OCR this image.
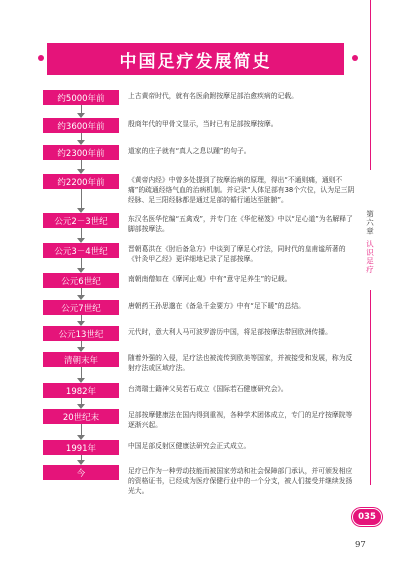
中国足疗发展简史
约5000年前	上古黄帝时代，就有名医俞跗按摩足部治愈疾病的记载。
约3600年前	殷商年代的甲骨文显示，当时已有足部按摩按摩。
约2300年前	道家的庄子就有“真人之息以踵”的句子。
约2200年前	《黄帝内经》中曾多处提到了按摩治病的原理，得出“不通则痛，通则不痛”的疏通经络气血的治病机制。并记录“人体足部有38个穴位，认为足三阴经脉、足三阳经脉都是通过足部的循行通达至脏腑”。
公元2－3世纪	东汉名医华佗编“五禽戏”，并专门在《华佗秘笈》中以“足心道”为名解释了脚部按摩法。
公元3－4世纪	晋朝葛洪在《肘后备急方》中谈到了摩足心疗法，同时代的皇甫谧所著的《针灸甲乙经》更详细地记录了足部按摩。
公元6世纪	南朝南僧如在《摩河止观》中有“意守足养生”的记载。
公元7世纪	唐朝药王孙思邈在《备急千金要方》中有“足下暖”的总结。
公元13世纪	元代时，意大利人马可波罗游历中国，将足部按摩法带回欧洲传播。
清朝末年	随着外强的入侵，足疗法也被流传到欧美等国家，并被接受和发展，称为反射疗法或区域疗法。
1982年	台湾瑞士籍神父吴若石成立《国际若石健康研究会》。
20世纪末	足部按摩健康法在国内得到重视，各种学术团体成立，专门的足疗按摩院等逐渐兴起。
1991年	中国足部反射区健康法研究会正式成立。
今	足疗已作为一种劳动技能而被国家劳动和社会保障部门承认，并可颁发相应的资格证书，已经成为医疗保健行业中的一个分支，被人们接受并继续发扬光大。
第六章
认识足疗
035
97
